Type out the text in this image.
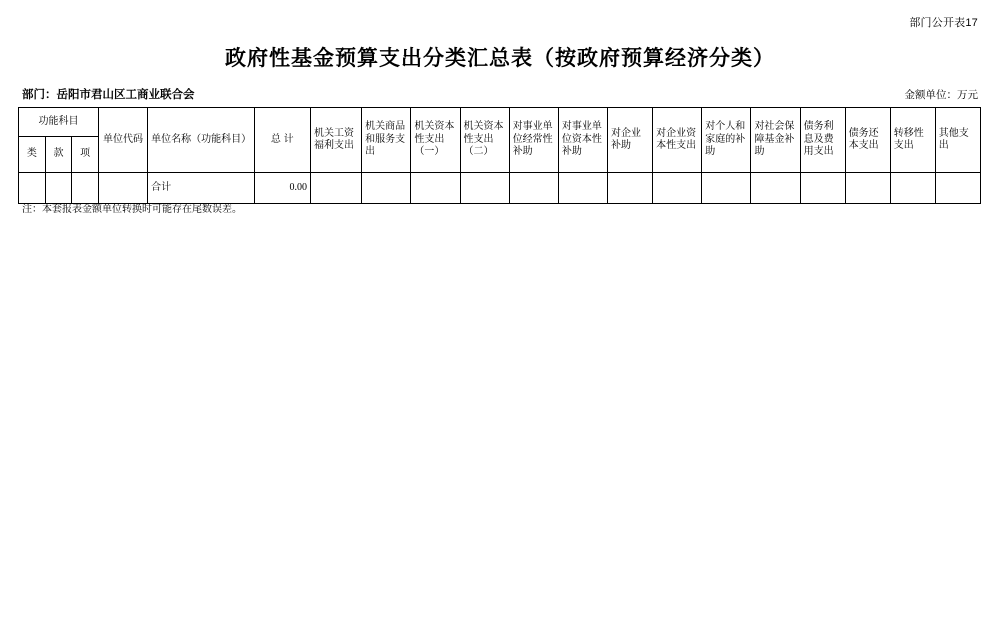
部门公开表17
政府性基金预算支出分类汇总表（按政府预算经济分类）
部门：岳阳市君山区工商业联合会	金额单位：万元
功能科目			单位代码	单位名称（功能科目）	总 计	机关工资福利支出	机关商品和服务支出	机关资本性支出（一）	机关资本性支出（二）	对事业单位经常性补助	对事业单位资本性补助	对企业补助	对企业资本性支出	对个人和家庭的补助	对社会保障基金补助	债务利息及费用支出	债务还本支出	转移性支出	其他支出
类	款	项																	
				合计	0.00														
注：本套报表金额单位转换时可能存在尾数误差。
